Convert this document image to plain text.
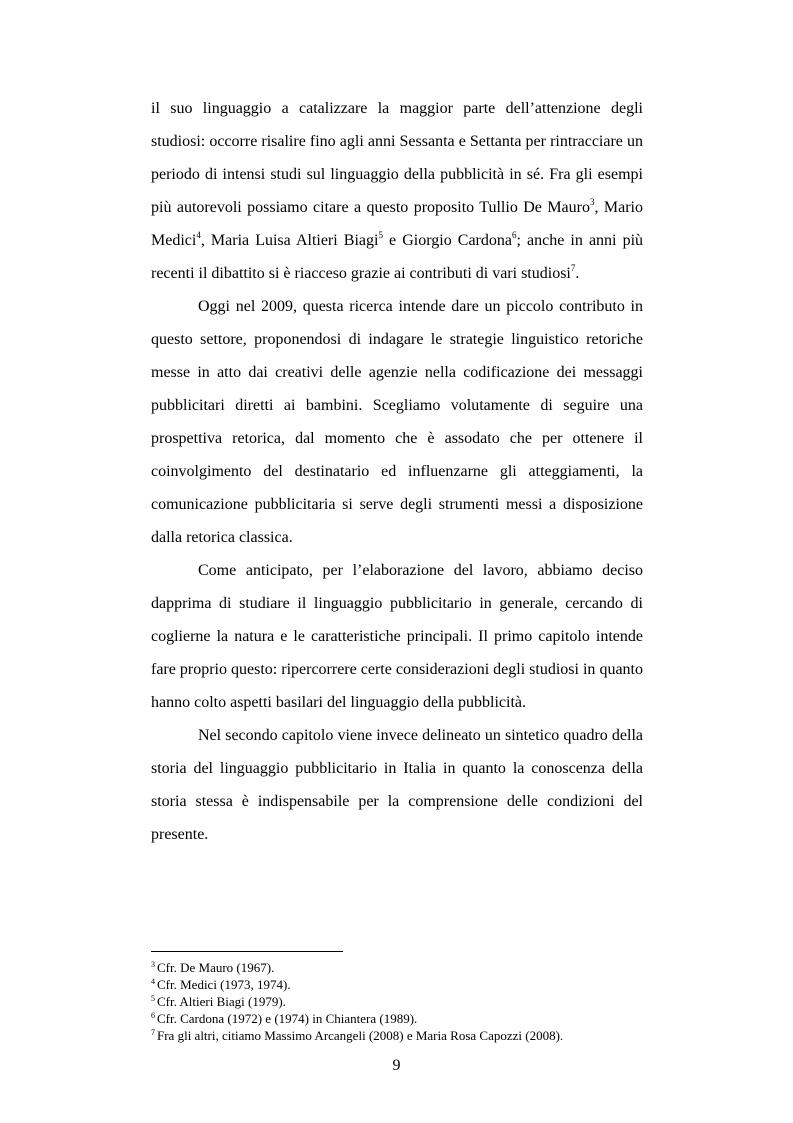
il suo linguaggio a catalizzare la maggior parte dell’attenzione degli studiosi: occorre risalire fino agli anni Sessanta e Settanta per rintracciare un periodo di intensi studi sul linguaggio della pubblicità in sé. Fra gli esempi più autorevoli possiamo citare a questo proposito Tullio De Mauro$^3$, Mario Medici$^4$, Maria Luisa Altieri Biagi$^5$ e Giorgio Cardona$^6$; anche in anni più recenti il dibattito si è riacceso grazie ai contributi di vari studiosi$^7$.

Oggi nel 2009, questa ricerca intende dare un piccolo contributo in questo settore, proponendosi di indagare le strategie linguistico retoriche messe in atto dai creativi delle agenzie nella codificazione dei messaggi pubblicitari diretti ai bambini. Scegliamo volutamente di seguire una prospettiva retorica, dal momento che è assodato che per ottenere il coinvolgimento del destinatario ed influenzarne gli atteggiamenti, la comunicazione pubblicitaria si serve degli strumenti messi a disposizione dalla retorica classica.

Come anticipato, per l’elaborazione del lavoro, abbiamo deciso dapprima di studiare il linguaggio pubblicitario in generale, cercando di coglierne la natura e le caratteristiche principali. Il primo capitolo intende fare proprio questo: ripercorrere certe considerazioni degli studiosi in quanto hanno colto aspetti basilari del linguaggio della pubblicità.

Nel secondo capitolo viene invece delineato un sintetico quadro della storia del linguaggio pubblicitario in Italia in quanto la conoscenza della storia stessa è indispensabile per la comprensione delle condizioni del presente.

$^3$ Cfr. De Mauro (1967).

$^4$ Cfr. Medici (1973, 1974).

$^5$ Cfr. Altieri Biagi (1979).

$^6$ Cfr. Cardona (1972) e (1974) in Chiantera (1989).

$^7$ Fra gli altri, citiamo Massimo Arcangeli (2008) e Maria Rosa Capozzi (2008).

9
